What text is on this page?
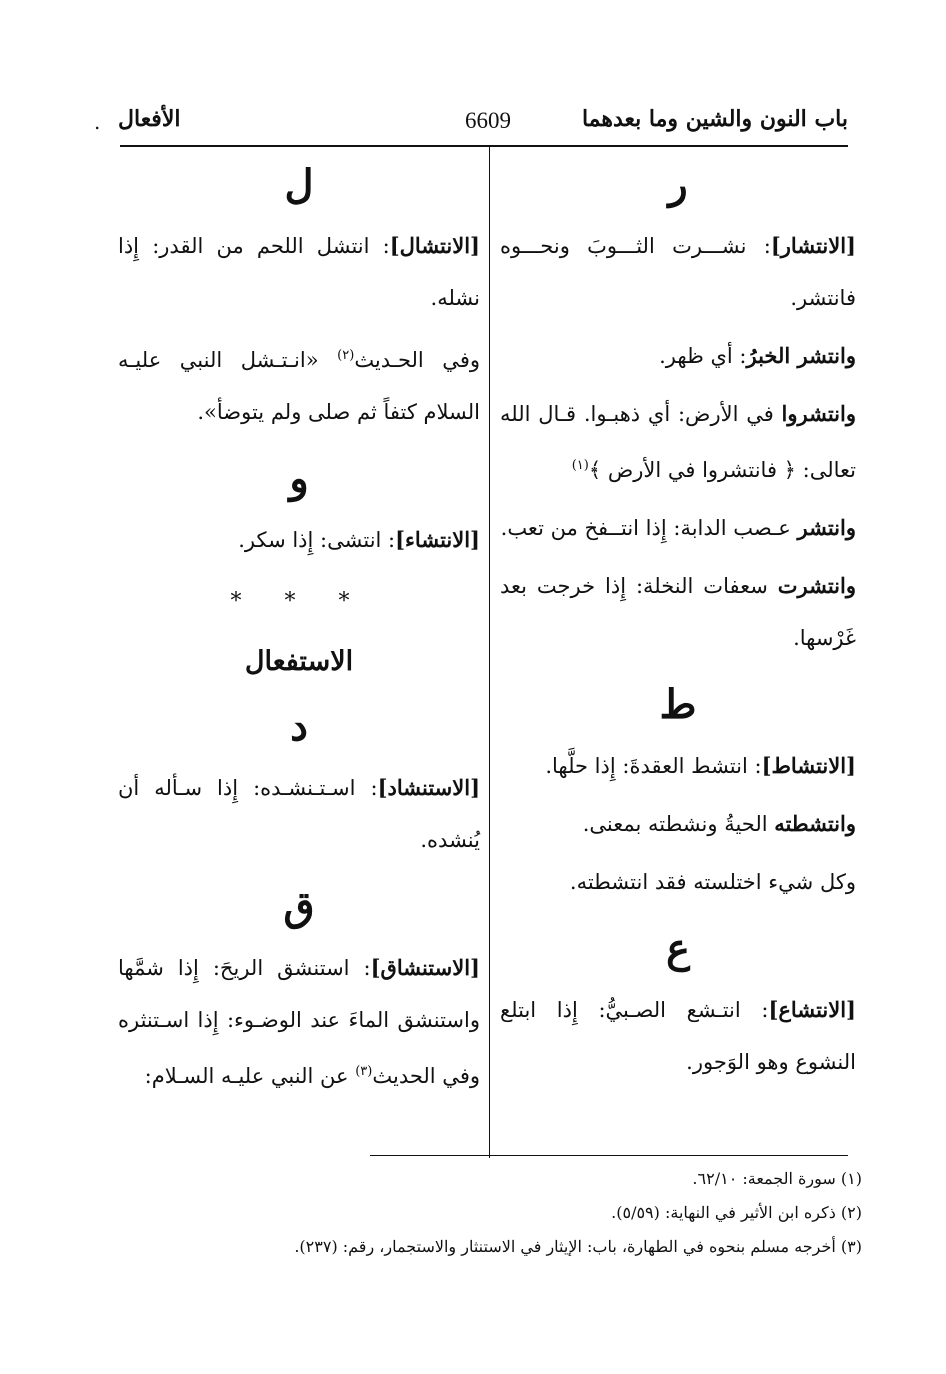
باب النون والشين وما بعدهما
6609
الأفعال
.

ر

[الانتشار]: نشـــرت الثـــوبَ ونحـــوه فانتشر.

وانتشر الخبرُ: أي ظهر.

وانتشروا في الأرض: أي ذهبـوا. قـال الله تعالى: ﴿ فانتشروا في الأرض ﴾$^{(١)}$

وانتشر عـصب الدابة: إِذا انتــفخ من تعب.

وانتشرت سعفات النخلة: إِذا خرجت بعد غَرْسها.

ط

[الانتشاط]: انتشط العقدةَ: إِذا حلَّها.

وانتشطته الحيةُ ونشطته بمعنى.

وكل شيء اختلسته فقد انتشطته.

ع

[الانتشاع]: انتـشع الصـبيُّ: إِذا ابتلع النشوع وهو الوَجور.

ل

[الانتشال]: انتشل اللحم من القدر: إِذا نشله.

وفي الحـديث$^{(٢)}$ «انـتـشل النبي عليـه السلام كتفاً ثم صلى ولم يتوضأ».

و

[الانتشاء]: انتشى: إِذا سكر.

* * *

الاستفعال

د

[الاستنشاد]: اسـتـنشـده: إِذا سـأله أن يُنشده.

ق

[الاستنشاق]: استنشق الريحَ: إِذا شمَّها واستنشق الماءَ عند الوضـوء: إِذا اسـتنثره وفي الحديث$^{(٣)}$ عن النبي عليـه السـلام:

(١) سورة الجمعة: ٦٢/١٠.

(٢) ذكره ابن الأثير في النهاية: (٥/٥٩).

(٣) أخرجه مسلم بنحوه في الطهارة، باب: الإيثار في الاستنثار والاستجمار، رقم: (٢٣٧).
